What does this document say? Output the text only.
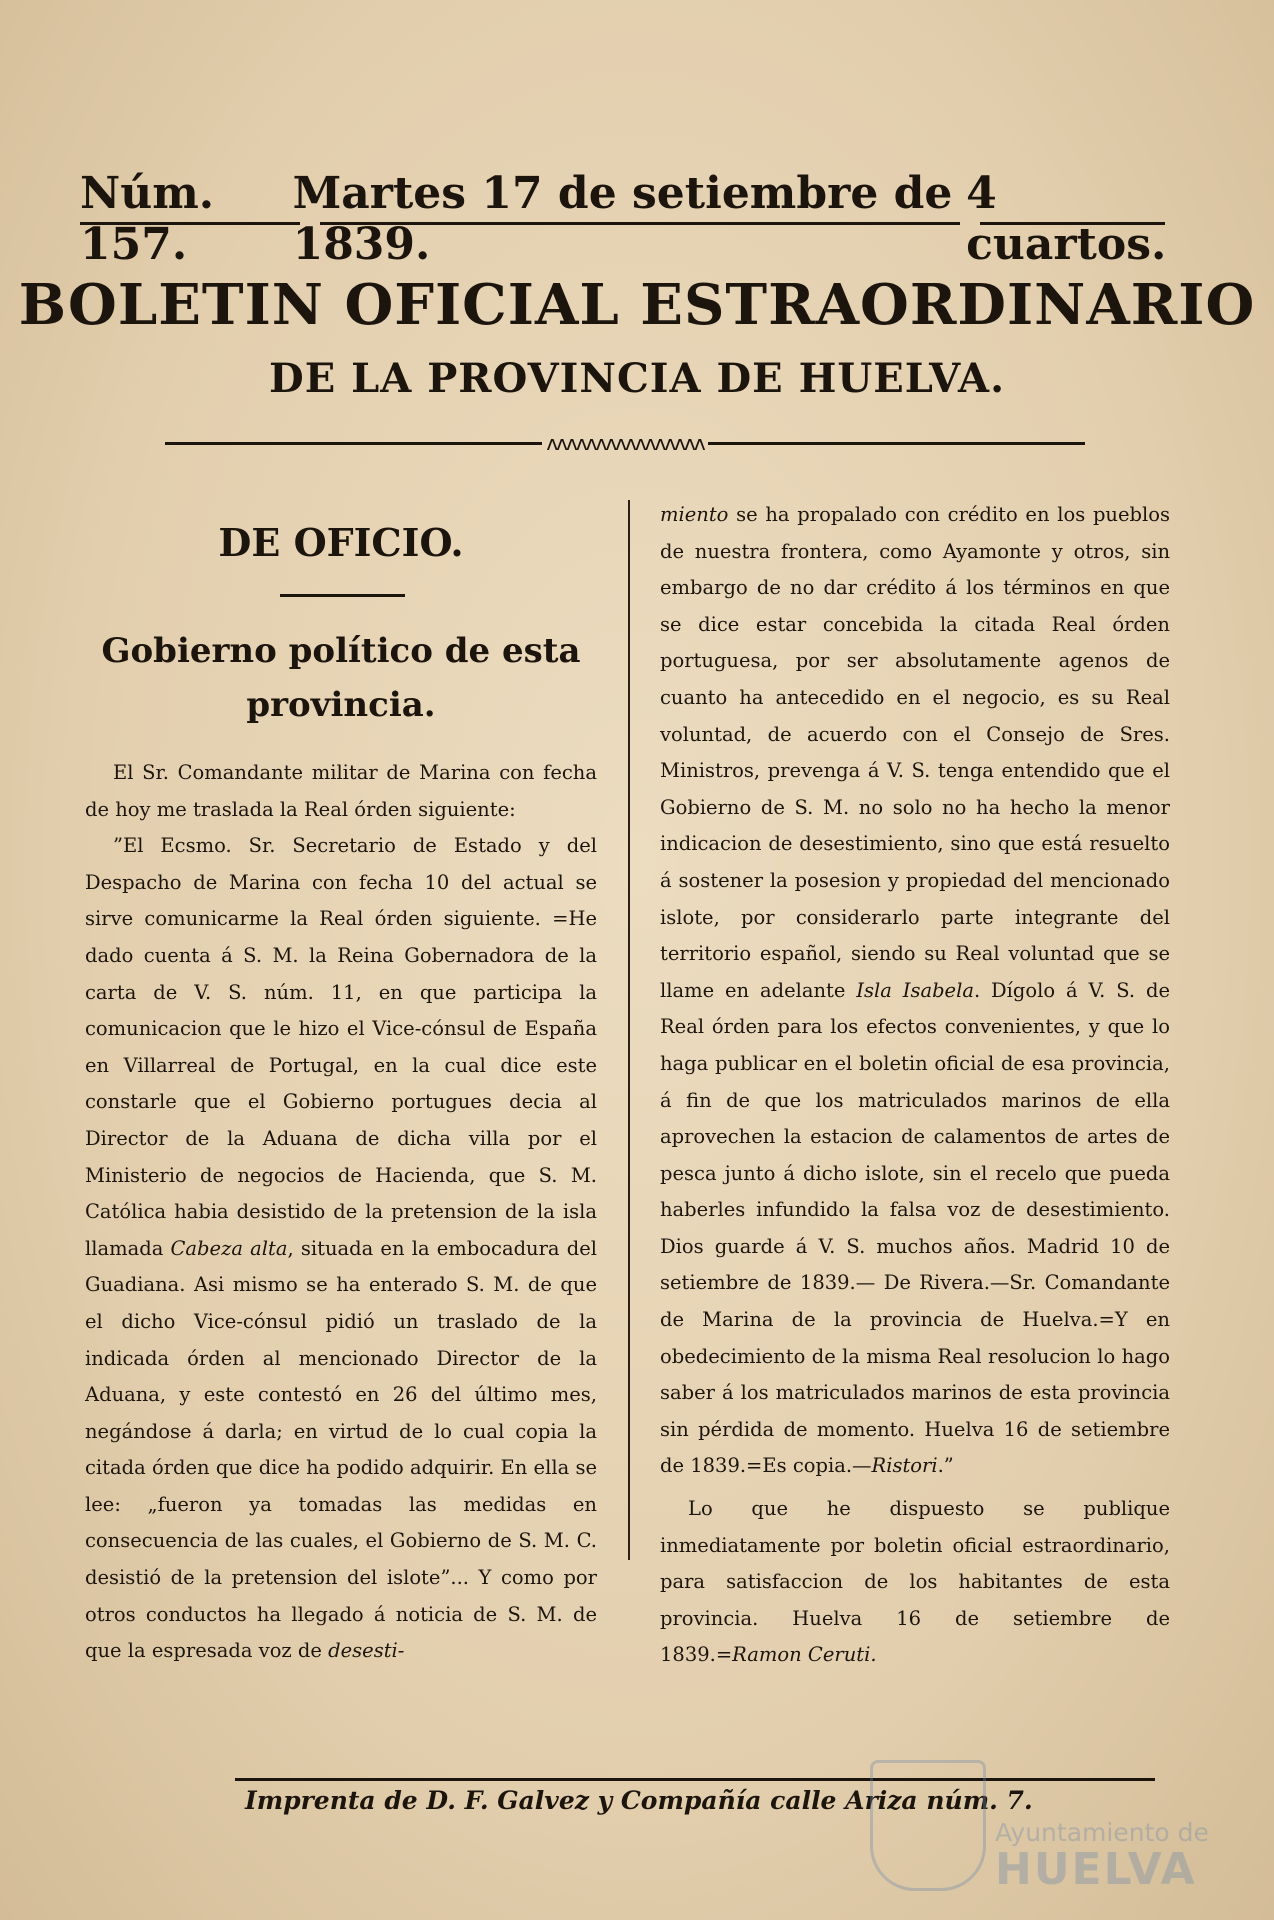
Núm. 157.
Martes 17 de setiembre de 1839.
4 cuartos.
BOLETIN OFICIAL ESTRAORDINARIO
DE LA PROVINCIA DE HUELVA.
ʌʌʌʌʌʌʌʌʌʌʌʌʌʌʌʌ
DE OFICIO.
Gobierno político de esta provincia.

El Sr. Comandante militar de Marina con fecha de hoy me traslada la Real órden siguiente:

”El Ecsmo. Sr. Secretario de Estado y del Despacho de Marina con fecha 10 del actual se sirve comunicarme la Real órden siguiente. =He dado cuenta á S. M. la Reina Gobernadora de la carta de V. S. núm. 11, en que participa la comunicacion que le hizo el Vice-cónsul de España en Villarreal de Portugal, en la cual dice este constarle que el Gobierno portugues decia al Director de la Aduana de dicha villa por el Ministerio de negocios de Hacienda, que S. M. Católica habia desistido de la pretension de la isla llamada Cabeza alta, situada en la embocadura del Guadiana. Asi mismo se ha enterado S. M. de que el dicho Vice-cónsul pidió un traslado de la indicada órden al mencionado Director de la Aduana, y este contestó en 26 del último mes, negándose á darla; en virtud de lo cual copia la citada órden que dice ha podido adquirir. En ella se lee: „fueron ya tomadas las medidas en consecuencia de las cuales, el Gobierno de S. M. C. desistió de la pretension del islote”... Y como por otros conductos ha llegado á noticia de S. M. de que la espresada voz de desesti-

miento se ha propalado con crédito en los pueblos de nuestra frontera, como Ayamonte y otros, sin embargo de no dar crédito á los términos en que se dice estar concebida la citada Real órden portuguesa, por ser absolutamente agenos de cuanto ha antecedido en el negocio, es su Real voluntad, de acuerdo con el Consejo de Sres. Ministros, prevenga á V. S. tenga entendido que el Gobierno de S. M. no solo no ha hecho la menor indicacion de desestimiento, sino que está resuelto á sostener la posesion y propiedad del mencionado islote, por considerarlo parte integrante del territorio español, siendo su Real voluntad que se llame en adelante Isla Isabela. Dígolo á V. S. de Real órden para los efectos convenientes, y que lo haga publicar en el boletin oficial de esa provincia, á fin de que los matriculados marinos de ella aprovechen la estacion de calamentos de artes de pesca junto á dicho islote, sin el recelo que pueda haberles infundido la falsa voz de desestimiento. Dios guarde á V. S. muchos años. Madrid 10 de setiembre de 1839.— De Rivera.—Sr. Comandante de Marina de la provincia de Huelva.=Y en obedecimiento de la misma Real resolucion lo hago saber á los matriculados marinos de esta provincia sin pérdida de momento. Huelva 16 de setiembre de 1839.=Es copia.—Ristori.”

Lo que he dispuesto se publique inmediatamente por boletin oficial estraordinario, para satisfaccion de los habitantes de esta provincia. Huelva 16 de setiembre de 1839.=Ramon Ceruti.

Imprenta de D. F. Galvez y Compañía calle Ariza núm. 7.
Ayuntamiento de
HUELVA
